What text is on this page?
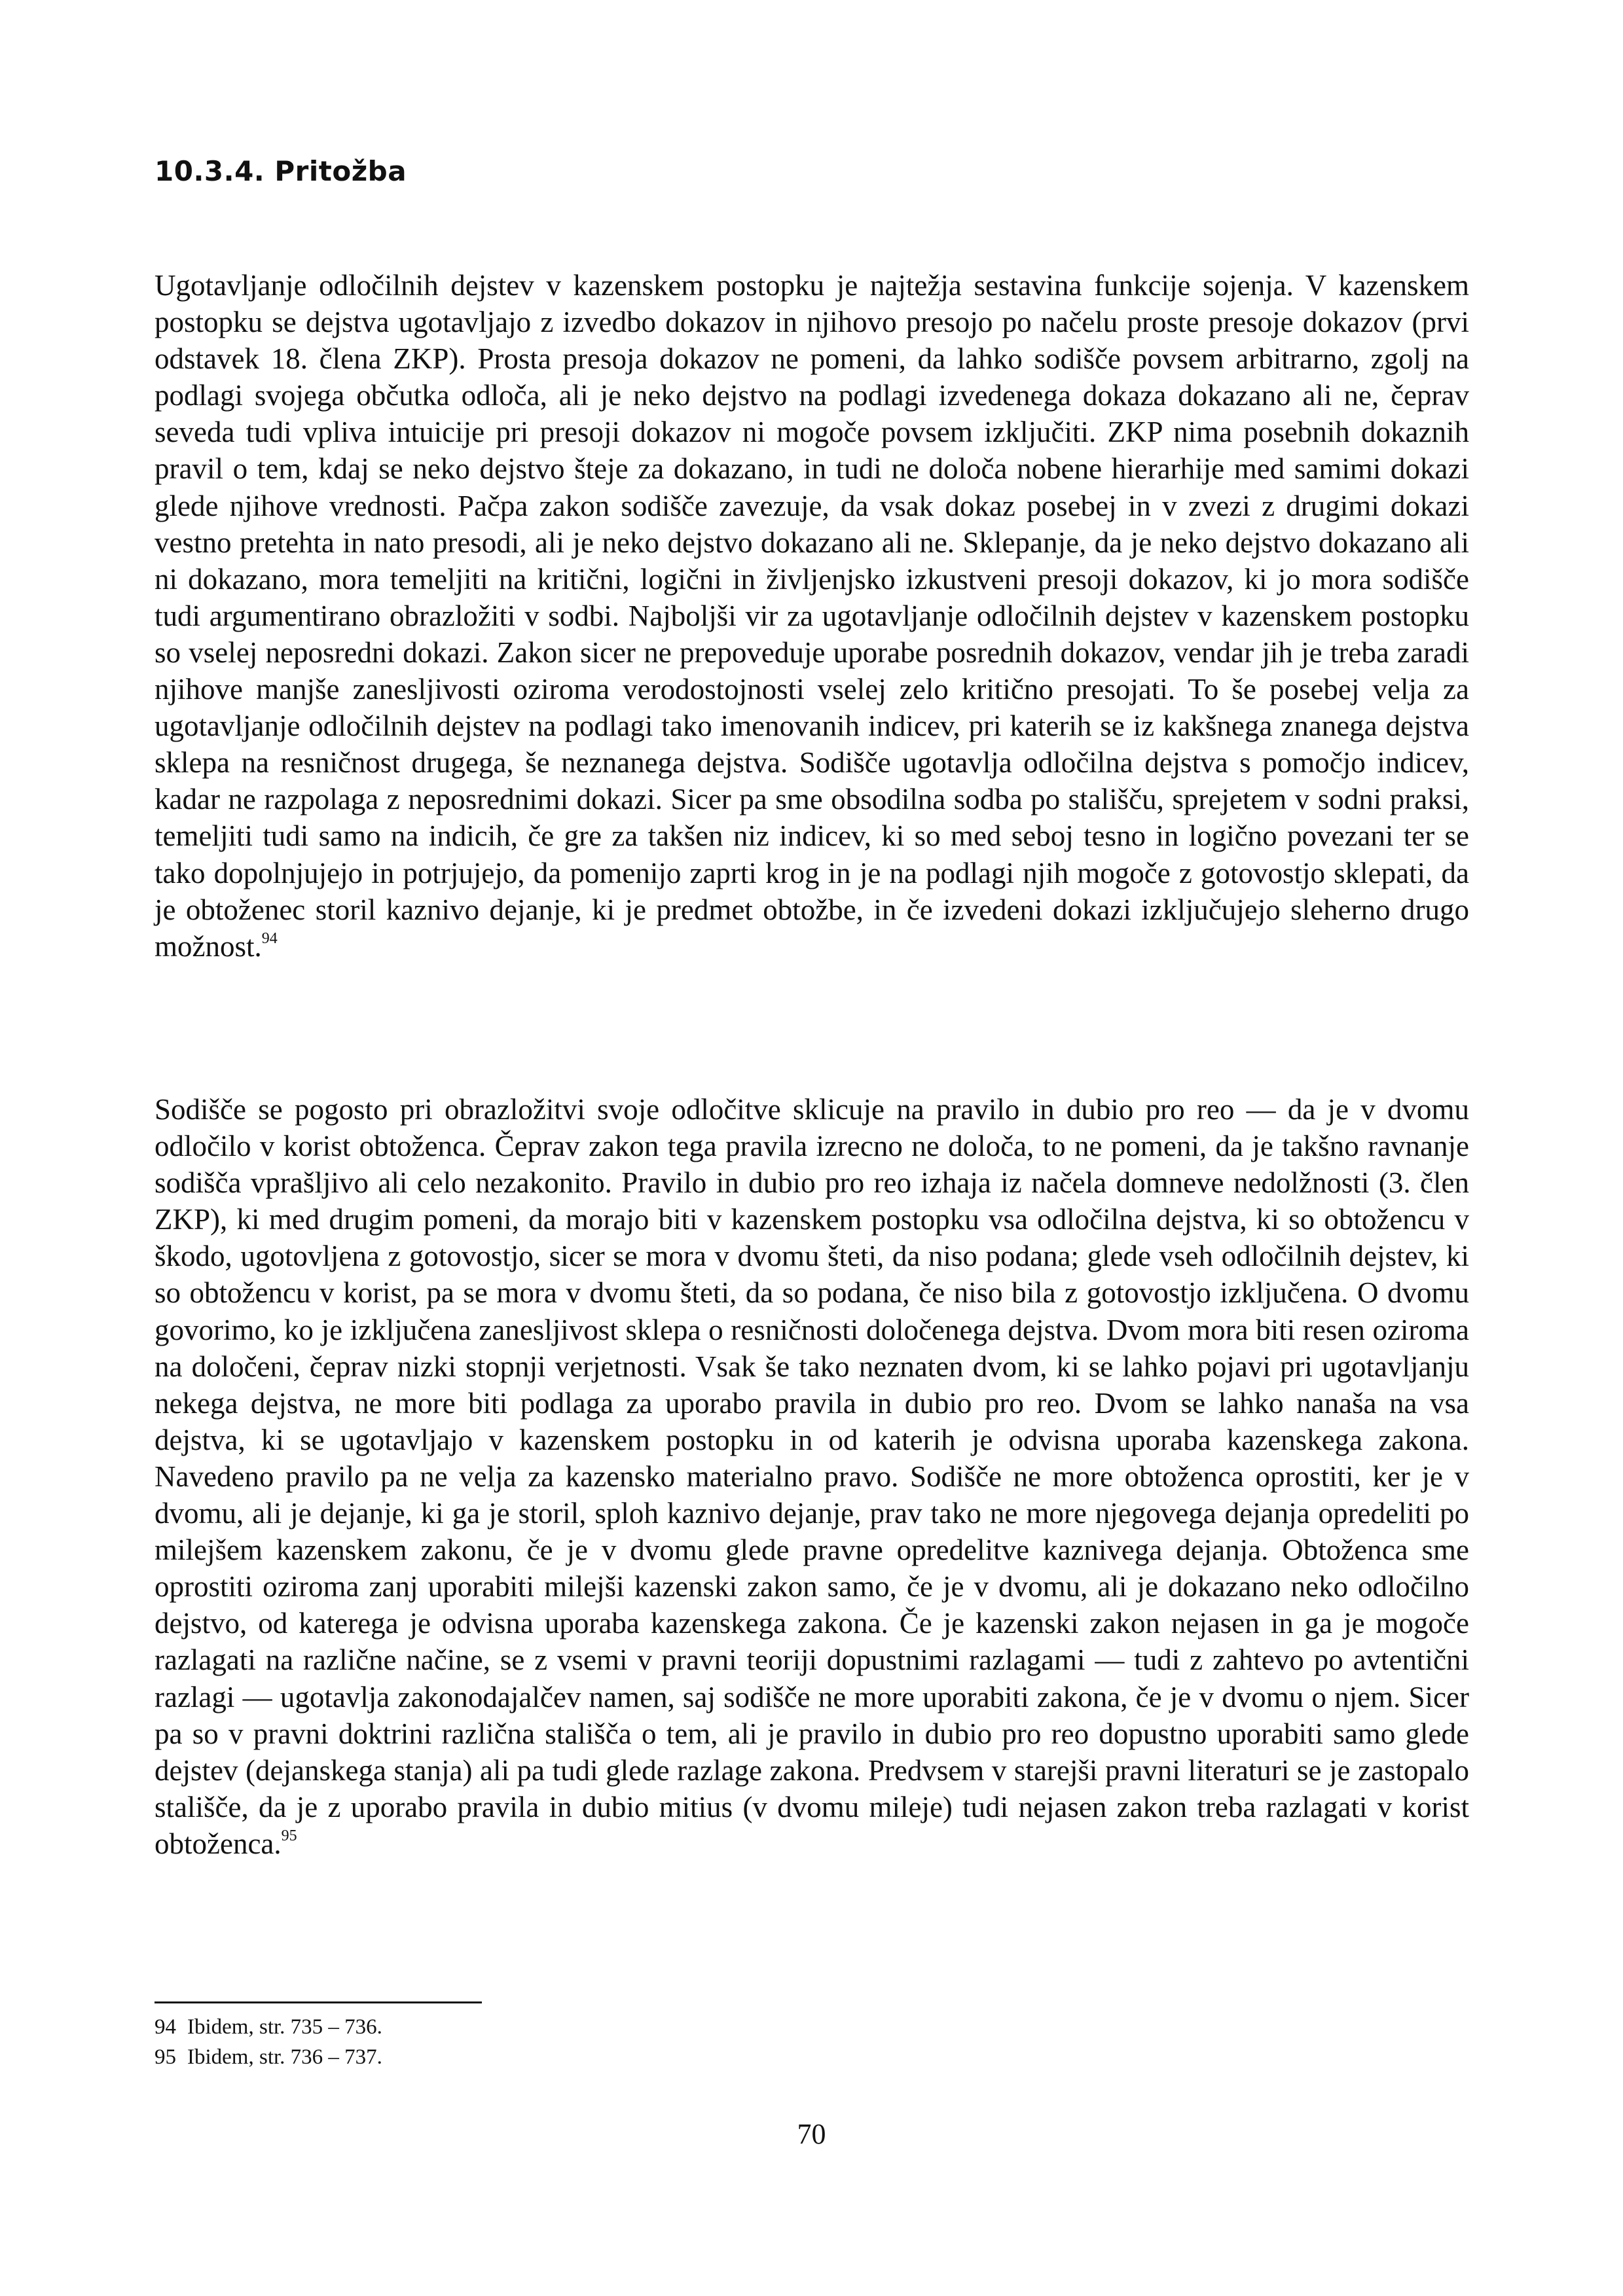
10.3.4. Pritožba

Ugotavljanje odločilnih dejstev v kazenskem postopku je najtežja sestavina funkcije sojenja. V kazenskem postopku se dejstva ugotavljajo z izvedbo dokazov in njihovo presojo po načelu proste presoje dokazov (prvi odstavek 18. člena ZKP). Prosta presoja dokazov ne pomeni, da lahko sodišče povsem arbitrarno, zgolj na podlagi svojega občutka odloča, ali je neko dejstvo na podlagi izvedenega dokaza dokazano ali ne, čeprav seveda tudi vpliva intuicije pri presoji dokazov ni mogoče povsem izključiti. ZKP nima posebnih dokaznih pravil o tem, kdaj se neko dejstvo šteje za dokazano, in tudi ne določa nobene hierarhije med samimi dokazi glede njihove vrednosti. Pačpa zakon sodišče zavezuje, da vsak dokaz posebej in v zvezi z drugimi dokazi vestno pretehta in nato presodi, ali je neko dejstvo dokazano ali ne. Sklepanje, da je neko dejstvo dokazano ali ni dokazano, mora temeljiti na kritični, logični in življenjsko izkustveni presoji dokazov, ki jo mora sodišče tudi argumentirano obrazložiti v sodbi. Najboljši vir za ugotavljanje odločilnih dejstev v kazenskem postopku so vselej neposredni dokazi. Zakon sicer ne prepoveduje uporabe posrednih dokazov, vendar jih je treba zaradi njihove manjše zanesljivosti oziroma verodostojnosti vselej zelo kritično presojati. To še posebej velja za ugotavljanje odločilnih dejstev na podlagi tako imenovanih indicev, pri katerih se iz kakšnega znanega dejstva sklepa na resničnost drugega, še neznanega dejstva. Sodišče ugotavlja odločilna dejstva s pomočjo indicev, kadar ne razpolaga z neposrednimi dokazi. Sicer pa sme obsodilna sodba po stališču, sprejetem v sodni praksi, temeljiti tudi samo na indicih, če gre za takšen niz indicev, ki so med seboj tesno in logično povezani ter se tako dopolnjujejo in potrjujejo, da pomenijo zaprti krog in je na podlagi njih mogoče z gotovostjo sklepati, da je obtoženec storil kaznivo dejanje, ki je predmet obtožbe, in če izvedeni dokazi izključujejo sleherno drugo možnost.$^{94}$

Sodišče se pogosto pri obrazložitvi svoje odločitve sklicuje na pravilo in dubio pro reo — da je v dvomu odločilo v korist obtoženca. Čeprav zakon tega pravila izrecno ne določa, to ne pomeni, da je takšno ravnanje sodišča vprašljivo ali celo nezakonito. Pravilo in dubio pro reo izhaja iz načela domneve nedolžnosti (3. člen ZKP), ki med drugim pomeni, da morajo biti v kazenskem postopku vsa odločilna dejstva, ki so obtožencu v škodo, ugotovljena z gotovostjo, sicer se mora v dvomu šteti, da niso podana; glede vseh odločilnih dejstev, ki so obtožencu v korist, pa se mora v dvomu šteti, da so podana, če niso bila z gotovostjo izključena. O dvomu govorimo, ko je izključena zanesljivost sklepa o resničnosti določenega dejstva. Dvom mora biti resen oziroma na določeni, čeprav nizki stopnji verjetnosti. Vsak še tako neznaten dvom, ki se lahko pojavi pri ugotavljanju nekega dejstva, ne more biti podlaga za uporabo pravila in dubio pro reo. Dvom se lahko nanaša na vsa dejstva, ki se ugotavljajo v kazenskem postopku in od katerih je odvisna uporaba kazenskega zakona. Navedeno pravilo pa ne velja za kazensko materialno pravo. Sodišče ne more obtoženca oprostiti, ker je v dvomu, ali je dejanje, ki ga je storil, sploh kaznivo dejanje, prav tako ne more njegovega dejanja opredeliti po milejšem kazenskem zakonu, če je v dvomu glede pravne opredelitve kaznivega dejanja. Obtoženca sme oprostiti oziroma zanj uporabiti milejši kazenski zakon samo, če je v dvomu, ali je dokazano neko odločilno dejstvo, od katerega je odvisna uporaba kazenskega zakona. Če je kazenski zakon nejasen in ga je mogoče razlagati na različne načine, se z vsemi v pravni teoriji dopustnimi razlagami — tudi z zahtevo po avtentični razlagi — ugotavlja zakonodajalčev namen, saj sodišče ne more uporabiti zakona, če je v dvomu o njem. Sicer pa so v pravni doktrini različna stališča o tem, ali je pravilo in dubio pro reo dopustno uporabiti samo glede dejstev (dejanskega stanja) ali pa tudi glede razlage zakona. Predvsem v starejši pravni literaturi se je zastopalo stališče, da je z uporabo pravila in dubio mitius (v dvomu mileje) tudi nejasen zakon treba razlagati v korist obtoženca.$^{95}$

94 Ibidem, str. 735 – 736.
95 Ibidem, str. 736 – 737.
70
